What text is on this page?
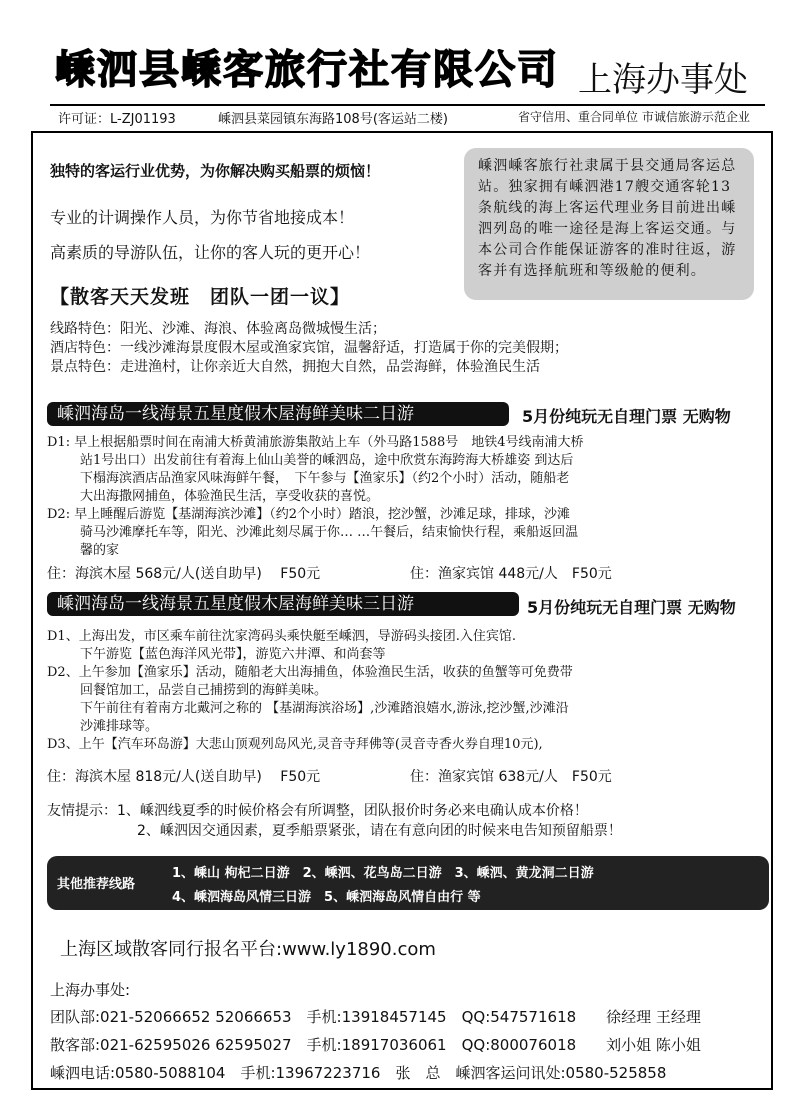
嵊泗县嵊客旅行社有限公司 上海办事处
许可证：L-ZJ01193	嵊泗县菜园镇东海路108号(客运站二楼)	省守信用、重合同单位 市诚信旅游示范企业
独特的客运行业优势，为你解决购买船票的烦恼！
专业的计调操作人员，为你节省地接成本！
高素质的导游队伍，让你的客人玩的更开心！
嵊泗嵊客旅行社隶属于县交通局客运总站。独家拥有嵊泗港17艘交通客轮13条航线的海上客运代理业务目前进出嵊泗列岛的唯一途径是海上客运交通。与本公司合作能保证游客的准时往返，游客并有选择航班和等级舱的便利。
【散客天天发班　团队一团一议】
线路特色：阳光、沙滩、海浪、体验离岛微城慢生活；
酒店特色：一线沙滩海景度假木屋或渔家宾馆，温馨舒适，打造属于你的完美假期；
景点特色：走进渔村，让你亲近大自然，拥抱大自然，品尝海鲜，体验渔民生活
嵊泗海岛一线海景五星度假木屋海鲜美味二日游	5月份纯玩无自理门票 无购物
D1: 早上根据船票时间在南浦大桥黄浦旅游集散站上车（外马路1588号　地铁4号线南浦大桥
站1号出口）出发前往有着海上仙山美誉的嵊泗岛，途中欣赏东海跨海大桥雄姿 到达后
下榻海滨酒店品渔家风味海鲜午餐，　下午参与【渔家乐】（约2个小时）活动，随船老
大出海撒网捕鱼，体验渔民生活，享受收获的喜悦。
D2: 早上睡醒后游览【基湖海滨沙滩】（约2个小时）踏浪，挖沙蟹，沙滩足球，排球，沙滩
骑马沙滩摩托车等，阳光、沙滩此刻尽属于你… …午餐后，结束愉快行程，乘船返回温
馨的家
住：海滨木屋 568元/人(送自助早)　 F50元	住：渔家宾馆 448元/人　F50元
嵊泗海岛一线海景五星度假木屋海鲜美味三日游	5月份纯玩无自理门票 无购物
D1、上海出发，市区乘车前往沈家湾码头乘快艇至嵊泗，导游码头接团.入住宾馆.
下午游览【蓝色海洋风光带】，游览六井潭、和尚套等
D2、上午参加【渔家乐】活动，随船老大出海捕鱼，体验渔民生活，收获的鱼蟹等可免费带
回餐馆加工，品尝自己捕捞到的海鲜美味。
下午前往有着南方北戴河之称的 【基湖海滨浴场】,沙滩踏浪嬉水,游泳,挖沙蟹,沙滩沿
沙滩排球等。
D3、上午【汽车环岛游】大悲山顶观列岛风光,灵音寺拜佛等(灵音寺香火券自理10元),
住：海滨木屋 818元/人(送自助早)　 F50元	住：渔家宾馆 638元/人　F50元
友情提示：1、嵊泗线夏季的时候价格会有所调整，团队报价时务必来电确认成本价格！
2、嵊泗因交通因素，夏季船票紧张，请在有意向团的时候来电告知预留船票！
其他推荐线路
1、嵊山 枸杞二日游　2、嵊泗、花鸟岛二日游　3、嵊泗、黄龙洞二日游
4、嵊泗海岛风情三日游　5、嵊泗海岛风情自由行 等
上海区域散客同行报名平台:www.ly1890.com
上海办事处:
团队部:021-52066652 52066653　手机:13918457145　QQ:547571618　　徐经理 王经理
散客部:021-62595026 62595027　手机:18917036061　QQ:800076018　　刘小姐 陈小姐
嵊泗电话:0580-5088104　手机:13967223716　张　总　嵊泗客运问讯处:0580-525858
